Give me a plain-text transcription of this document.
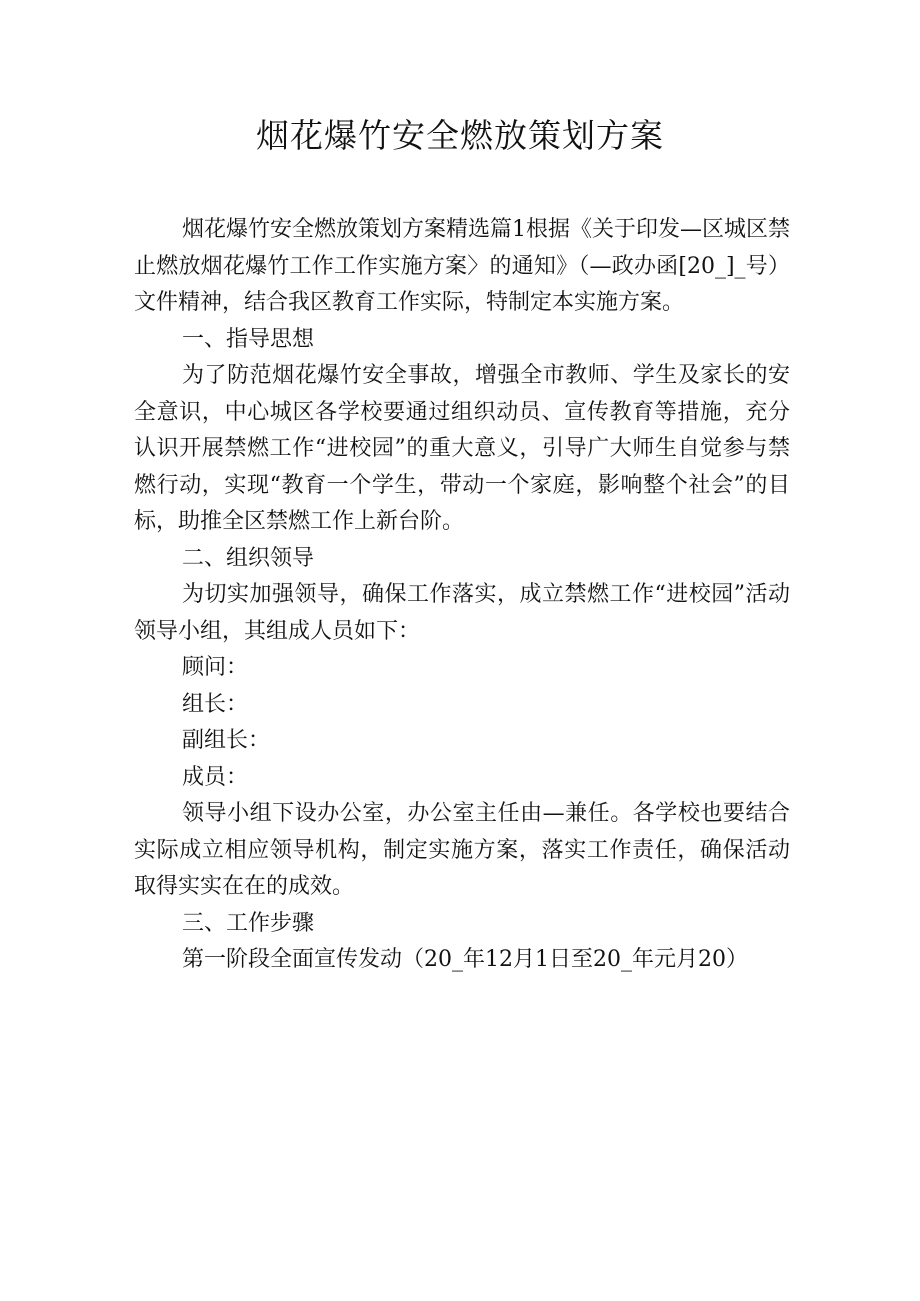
烟花爆竹安全燃放策划方案

烟花爆竹安全燃放策划方案精选篇1根据《关于印发—区城区禁止燃放烟花爆竹工作工作实施方案〉的通知》（—政办函[20_]_号）文件精神，结合我区教育工作实际，特制定本实施方案。

一、指导思想

为了防范烟花爆竹安全事故，增强全市教师、学生及家长的安全意识，中心城区各学校要通过组织动员、宣传教育等措施，充分认识开展禁燃工作“进校园”的重大意义，引导广大师生自觉参与禁燃行动，实现“教育一个学生，带动一个家庭，影响整个社会”的目标，助推全区禁燃工作上新台阶。

二、组织领导

为切实加强领导，确保工作落实，成立禁燃工作“进校园”活动领导小组，其组成人员如下：

顾问：

组长：

副组长：

成员：

领导小组下设办公室，办公室主任由—兼任。各学校也要结合实际成立相应领导机构，制定实施方案，落实工作责任，确保活动取得实实在在的成效。

三、工作步骤

第一阶段全面宣传发动（20_年12月1日至20_年元月20）
